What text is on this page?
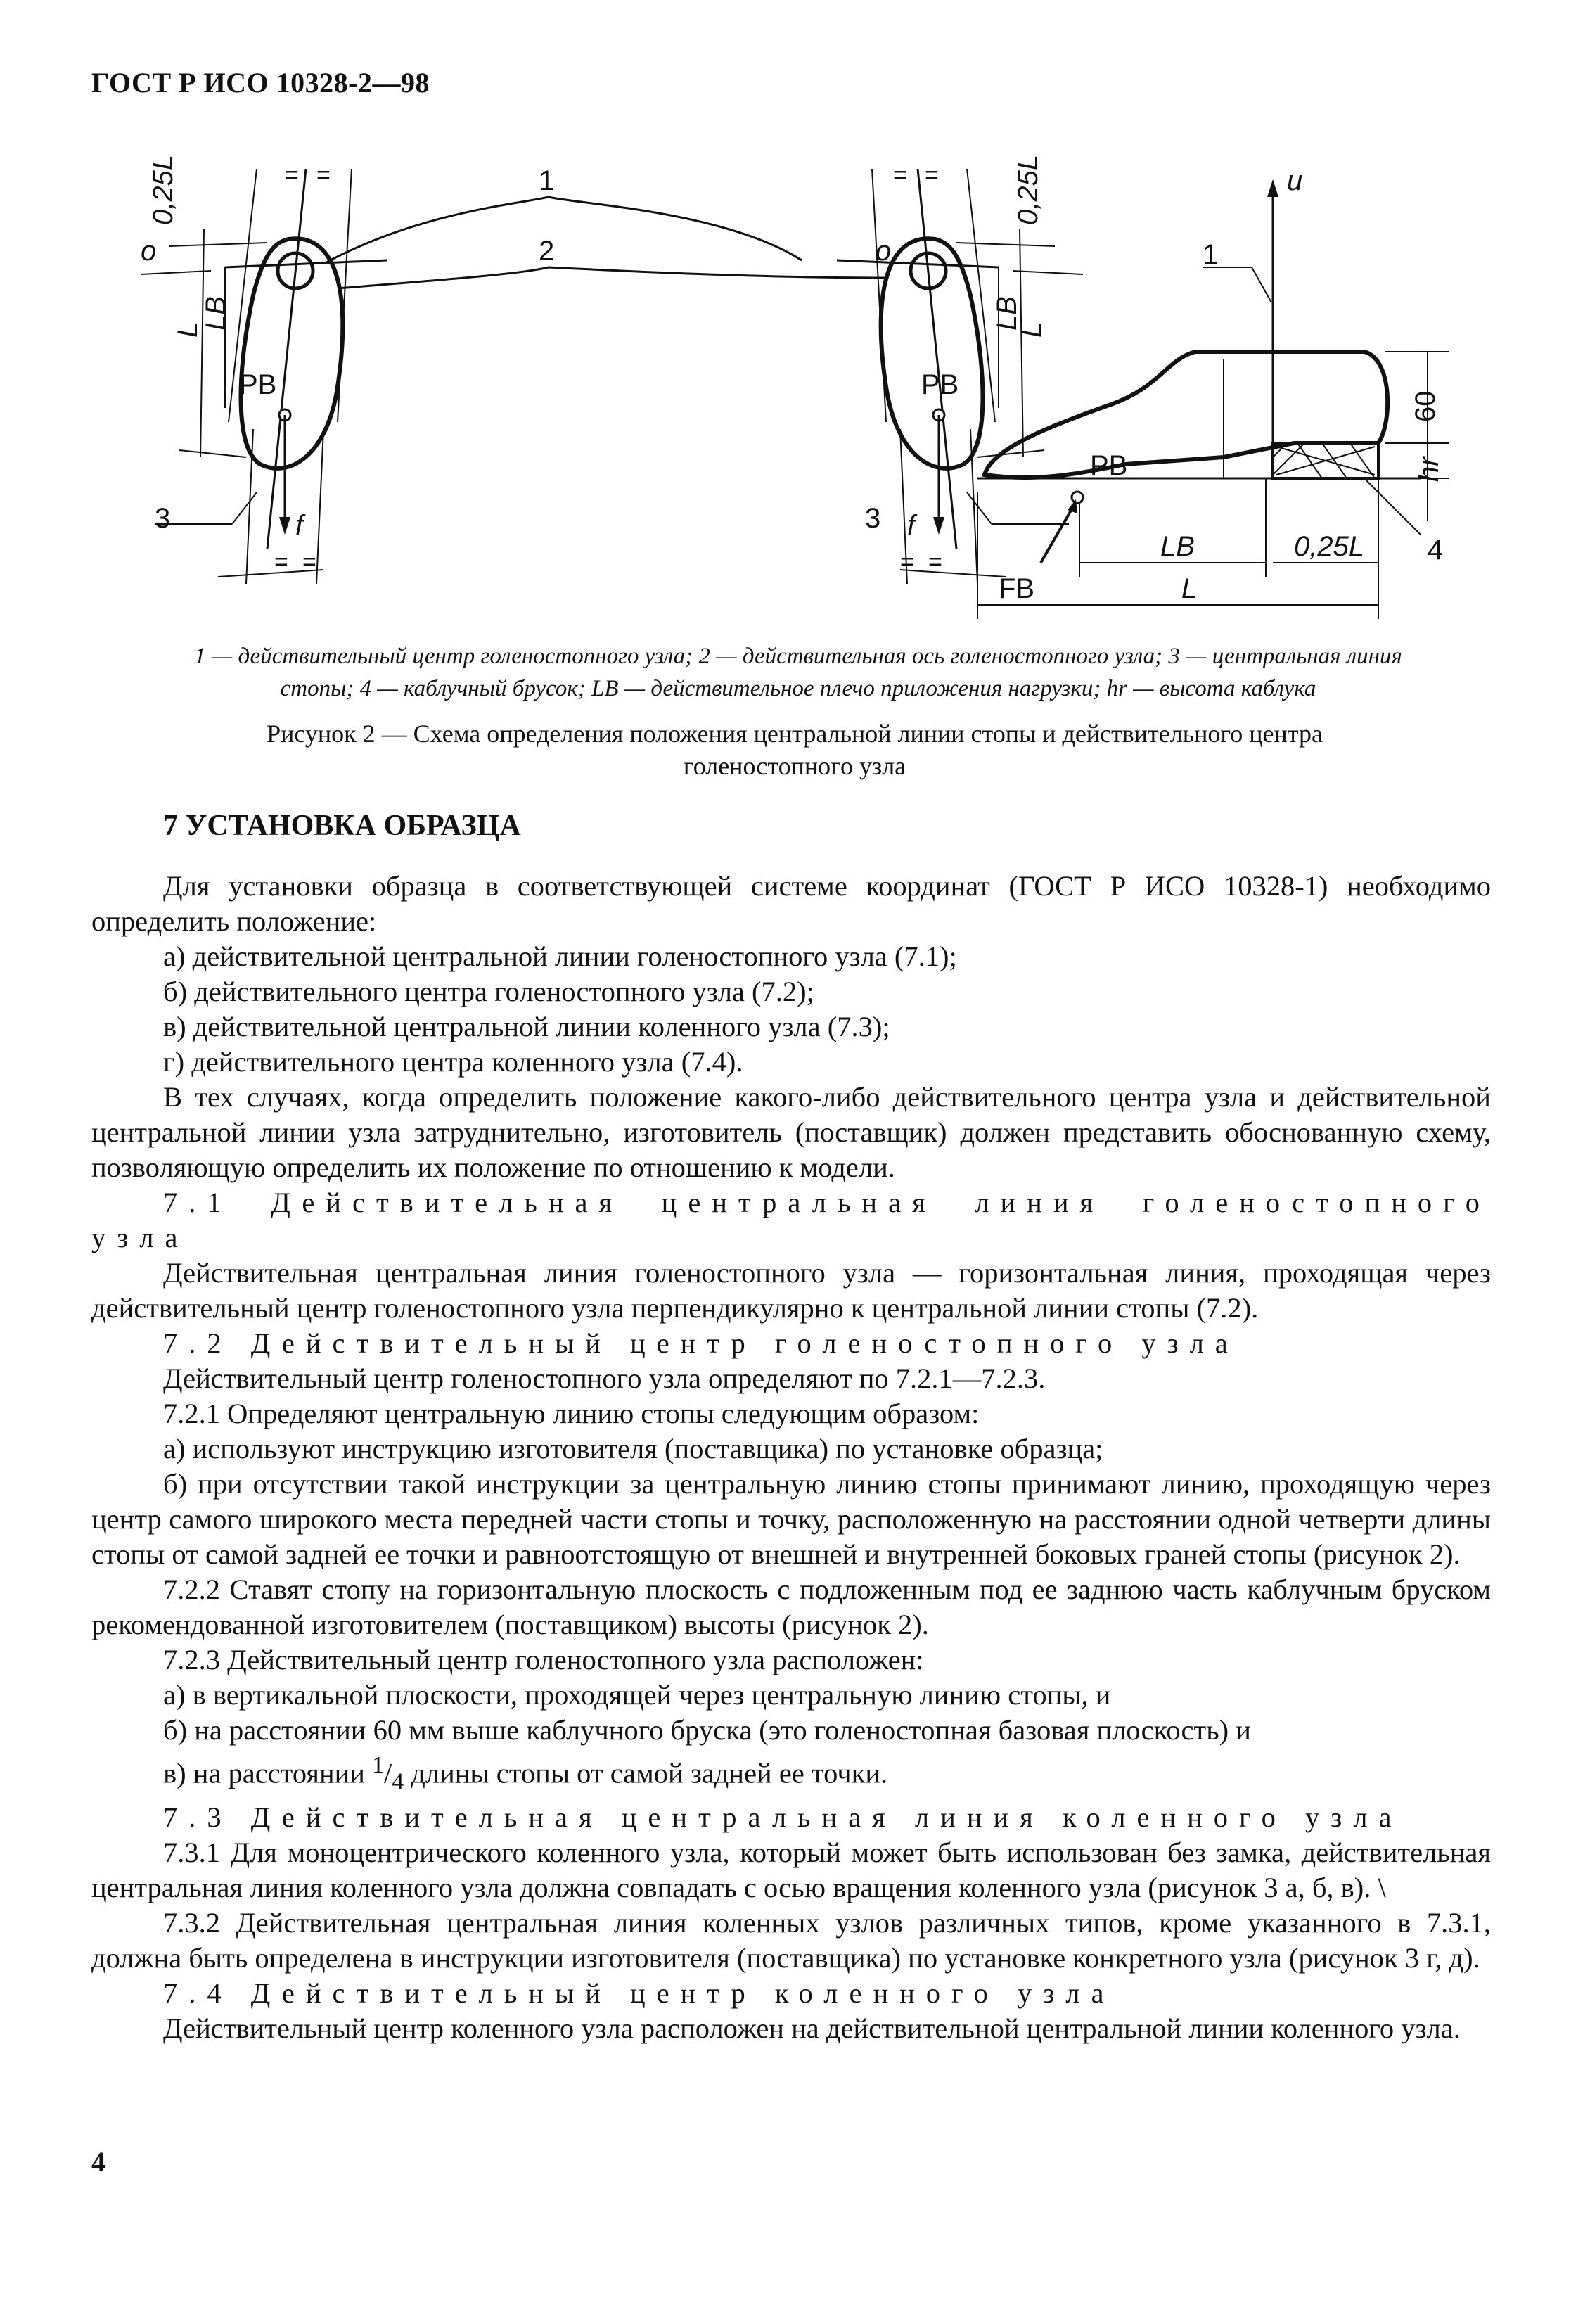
ГОСТ Р ИСО 10328-2—98
1
2
3	3
1
4
o	o
u
f	f
PB	PB
PB
FB
LB	0,25L
L
60
hr
0,25L	0,25L
L	L
LB	LB
= =	= =
= =	= =
1 — действительный центр голеностопного узла; 2 — действительная ось голеностопного узла; 3 — центральная линия
стопы; 4 — каблучный брусок; LB — действительное плечо приложения нагрузки; hr — высота каблука
Рисунок 2 — Схема определения положения центральной линии стопы и действительного центра
голеностопного узла
7 УСТАНОВКА ОБРАЗЦА

Для установки образца в соответствующей системе координат (ГОСТ Р ИСО 10328-1) необходимо определить положение:

а) действительной центральной линии голеностопного узла (7.1);

б) действительного центра голеностопного узла (7.2);

в) действительной центральной линии коленного узла (7.3);

г) действительного центра коленного узла (7.4).

В тех случаях, когда определить положение какого-либо действительного центра узла и действительной центральной линии узла затруднительно, изготовитель (поставщик) должен представить обоснованную схему, позволяющую определить их положение по отношению к модели.

7.1 Действительная центральная линия голеностопного узла

Действительная центральная линия голеностопного узла — горизонтальная линия, проходящая через действительный центр голеностопного узла перпендикулярно к центральной линии стопы (7.2).

7.2 Действительный центр голеностопного узла

Действительный центр голеностопного узла определяют по 7.2.1—7.2.3.

7.2.1 Определяют центральную линию стопы следующим образом:

а) используют инструкцию изготовителя (поставщика) по установке образца;

б) при отсутствии такой инструкции за центральную линию стопы принимают линию, проходящую через центр самого широкого места передней части стопы и точку, расположенную на расстоянии одной четверти длины стопы от самой задней ее точки и равноотстоящую от внешней и внутренней боковых граней стопы (рисунок 2).

7.2.2 Ставят стопу на горизонтальную плоскость с подложенным под ее заднюю часть каблучным бруском рекомендованной изготовителем (поставщиком) высоты (рисунок 2).

7.2.3 Действительный центр голеностопного узла расположен:

а) в вертикальной плоскости, проходящей через центральную линию стопы, и

б) на расстоянии 60 мм выше каблучного бруска (это голеностопная базовая плоскость) и

в) на расстоянии $^1/_4$ длины стопы от самой задней ее точки.

7.3 Действительная центральная линия коленного узла

7.3.1 Для моноцентрического коленного узла, который может быть использован без замка, действительная центральная линия коленного узла должна совпадать с осью вращения коленного узла (рисунок 3 а, б, в). \

7.3.2 Действительная центральная линия коленных узлов различных типов, кроме указанного в 7.3.1, должна быть определена в инструкции изготовителя (поставщика) по установке конкретного узла (рисунок 3 г, д).

7.4 Действительный центр коленного узла

Действительный центр коленного узла расположен на действительной центральной линии коленного узла.

4
